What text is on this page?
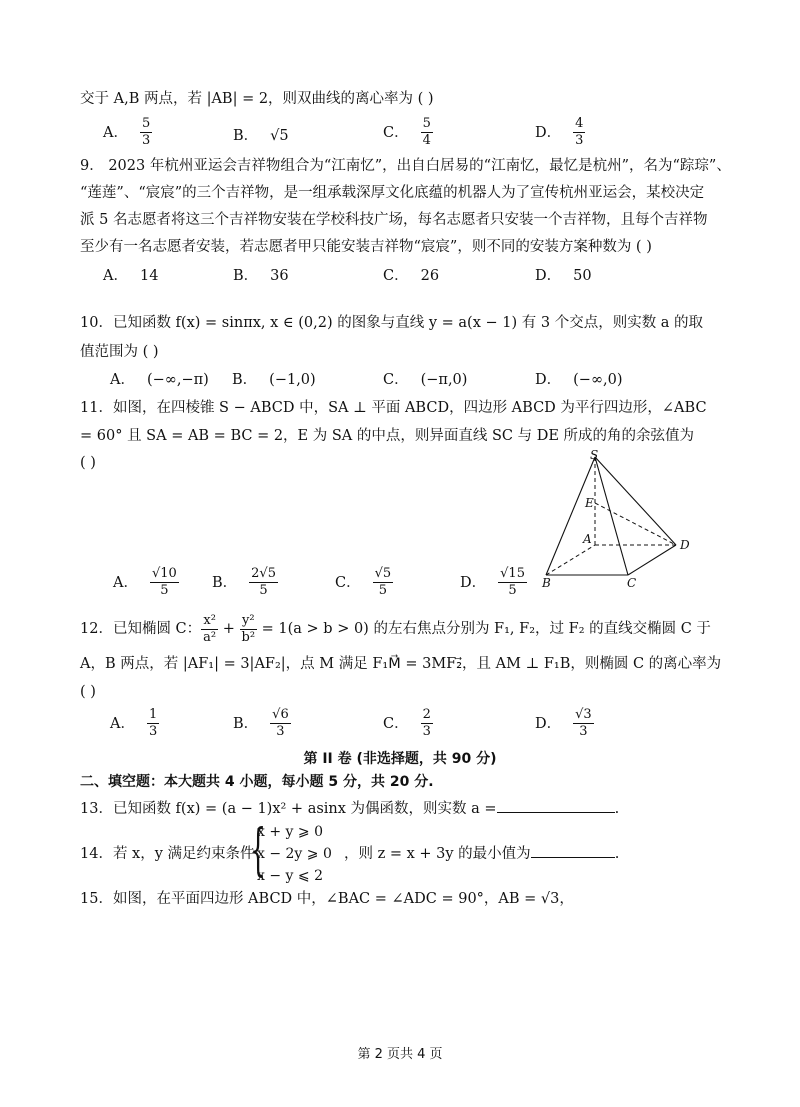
交于 A,B 两点，若 |AB| = 2，则双曲线的离心率为 ( )
A． $\frac{5}{3}$	B． √5	C． $\frac{5}{4}$	D． $\frac{4}{3}$
9． 2023 年杭州亚运会吉祥物组合为“江南忆”，出自白居易的“江南忆，最忆是杭州”，名为“踪琮”、
“莲莲”、“宸宸”的三个吉祥物，是一组承载深厚文化底蕴的机器人为了宣传杭州亚运会，某校决定
派 5 名志愿者将这三个吉祥物安装在学校科技广场，每名志愿者只安装一个吉祥物，且每个吉祥物
至少有一名志愿者安装，若志愿者甲只能安装吉祥物“宸宸”，则不同的安装方案种数为 ( )
A． 14	B． 36	C． 26	D． 50
10．已知函数 f(x) = sinπx, x ∈ (0,2) 的图象与直线 y = a(x − 1) 有 3 个交点，则实数 a 的取
值范围为 ( )
A． (−∞,−π) B． (−1,0)	C． (−π,0)	D． (−∞,0)
11．如图，在四棱锥 S − ABCD 中，SA ⊥ 平面 ABCD，四边形 ABCD 为平行四边形，∠ABC
= 60° 且 SA = AB = BC = 2，E 为 SA 的中点，则异面直线 SC 与 DE 所成的角的余弦值为
( )	S
E
A
B	C
D
A． $\frac{√10}{5}$ B． $\frac{2√5}{5}$	C． $\frac{√5}{5}$	D． $\frac{√15}{5}$
12．已知椭圆 C： $\frac{\text{x²}}{\text{a²}} + \frac{\text{y²}}{\text{b²}} = 1(a > b > 0)$ 的左右焦点分别为 F₁, F₂，过 F₂ 的直线交椭圆 C 于
A，B 两点，若 |AF₁| = 3|AF₂|，点 M 满足 F₁M⃗ = 3MF₂⃗，且 AM ⊥ F₁B，则椭圆 C 的离心率为
( )
A． $\frac{1}{3}$	B． $\frac{√6}{3}$	C． $\frac{2}{3}$	D． $\frac{√3}{3}$
第 II 卷 (非选择题，共 90 分)
二、填空题：本大题共 4 小题，每小题 5 分，共 20 分.
13．已知函数 f(x) = (a − 1)x² + asinx 为偶函数，则实数 a =	.
14．若 x，y 满足约束条件
{
x + y ⩾ 0
x − 2y ⩾ 0
x − y ⩽ 2
，则 z = x + 3y 的最小值为	.
15．如图，在平面四边形 ABCD 中，∠BAC = ∠ADC = 90°，AB = √3，
第 2 页共 4 页
